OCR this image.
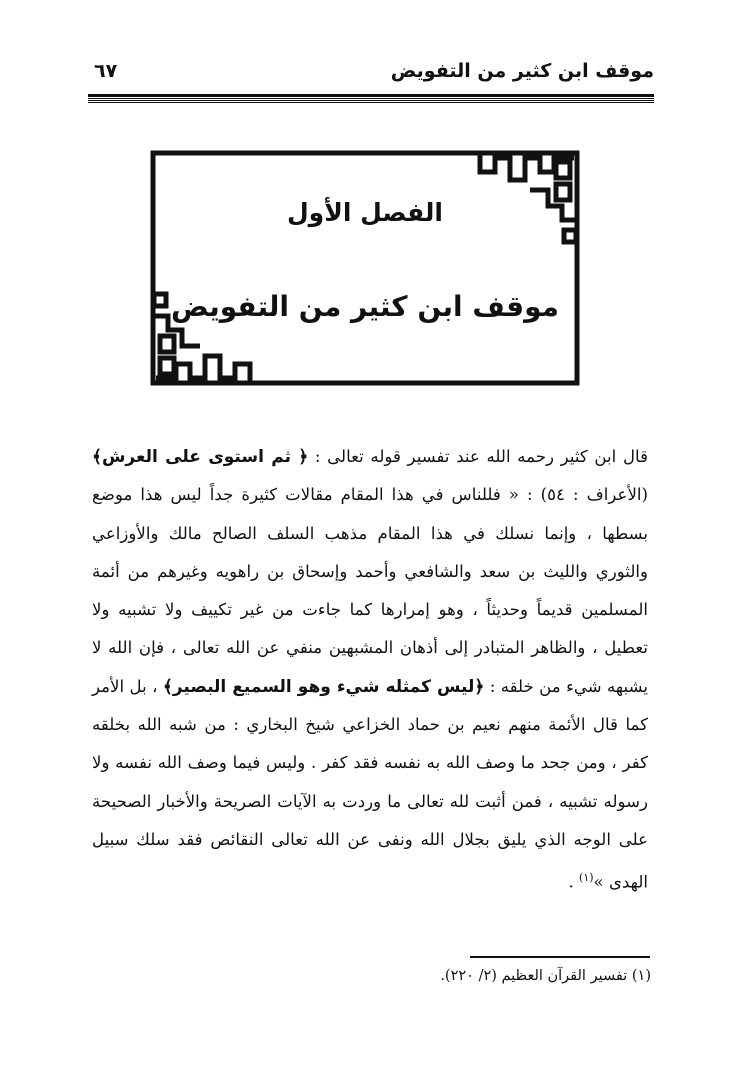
موقف ابن كثير من التفويض
٦٧
الفصل الأول
موقف ابن كثير من التفويض
قال ابن كثير رحمه الله عند تفسير قوله تعالى : ﴿ ثم استوى على العرش﴾ (الأعراف : ٥٤) : « فللناس في هذا المقام مقالات كثيرة جداً ليس هذا موضع بسطها ، وإنما نسلك في هذا المقام مذهب السلف الصالح مالك والأوزاعي والثوري والليث بن سعد والشافعي وأحمد وإسحاق بن راهويه وغيرهم من أئمة المسلمين قديماً وحديثاً ، وهو إمرارها كما جاءت من غير تكييف ولا تشبيه ولا تعطيل ، والظاهر المتبادر إلى أذهان المشبهين منفي عن الله تعالى ، فإن الله لا يشبهه شيء من خلقه : ﴿ليس كمثله شيء وهو السميع البصير﴾ ، بل الأمر كما قال الأئمة منهم نعيم بن حماد الخزاعي شيخ البخاري : من شبه الله بخلقه كفر ، ومن جحد ما وصف الله به نفسه فقد كفر . وليس فيما وصف الله نفسه ولا رسوله تشبيه ، فمن أثبت لله تعالى ما وردت به الآيات الصريحة والأخبار الصحيحة على الوجه الذي يليق بجلال الله ونفى عن الله تعالى النقائص فقد سلك سبيل الهدى »$^{(١)}$ .
(١) تفسير القرآن العظيم (٢/ ٢٢٠).
